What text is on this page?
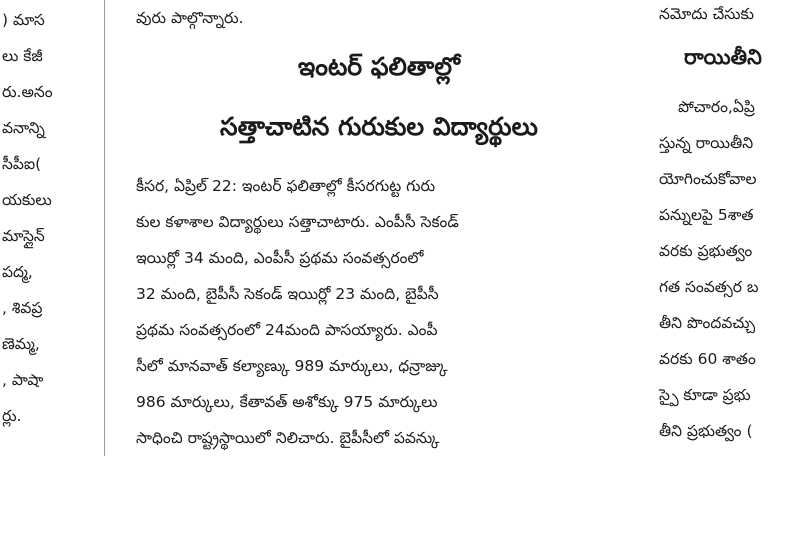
) మాస
లు కేజీ
రు.అనం
వనాన్ని
సీపీఐ(
యకులు
మాస్లైన్
పద్మ,
, శివప్ర
ణెమ్మ,
, పాషా
ర్లు.
వురు పాల్గొన్నారు.
ఇంటర్ ఫలితాల్లో
సత్తాచాటిన గురుకుల విద్యార్థులు
కీసర, ఏప్రిల్ 22: ఇంటర్ ఫలితాల్లో కీసరగుట్ట గురు
కుల కళాశాల విద్యార్థులు సత్తాచాటారు. ఎంపీసీ సెకండ్
ఇయిర్లో 34 మంది, ఎంపీసీ ప్రథమ సంవత్సరంలో
32 మంది, బైపీసీ సెకండ్ ఇయిర్లో 23 మంది, బైపీసీ
ప్రథమ సంవత్సరంలో 24మంది పాసయ్యారు. ఎంపీ
సీలో మానవాత్ కల్యాణ్కు 989 మార్కులు, ధన్రాజ్కు
986 మార్కులు, కేతావత్ అశోక్కు 975 మార్కులు
సాధించి రాష్ట్రస్థాయిలో నిలిచారు. బైపీసీలో పవన్కు
నమోదు చేసుకు
రాయితీని
పోచారం,ఏప్రి
స్తున్న రాయితీని
యోగించుకోవాల
పన్నులపై 5శాత
వరకు ప్రభుత్వం
గత సంవత్సర బ
తీని పొందవచ్చు
వరకు 60 శాతం
స్పై కూడా ప్రభు
తీని ప్రభుత్వం (
